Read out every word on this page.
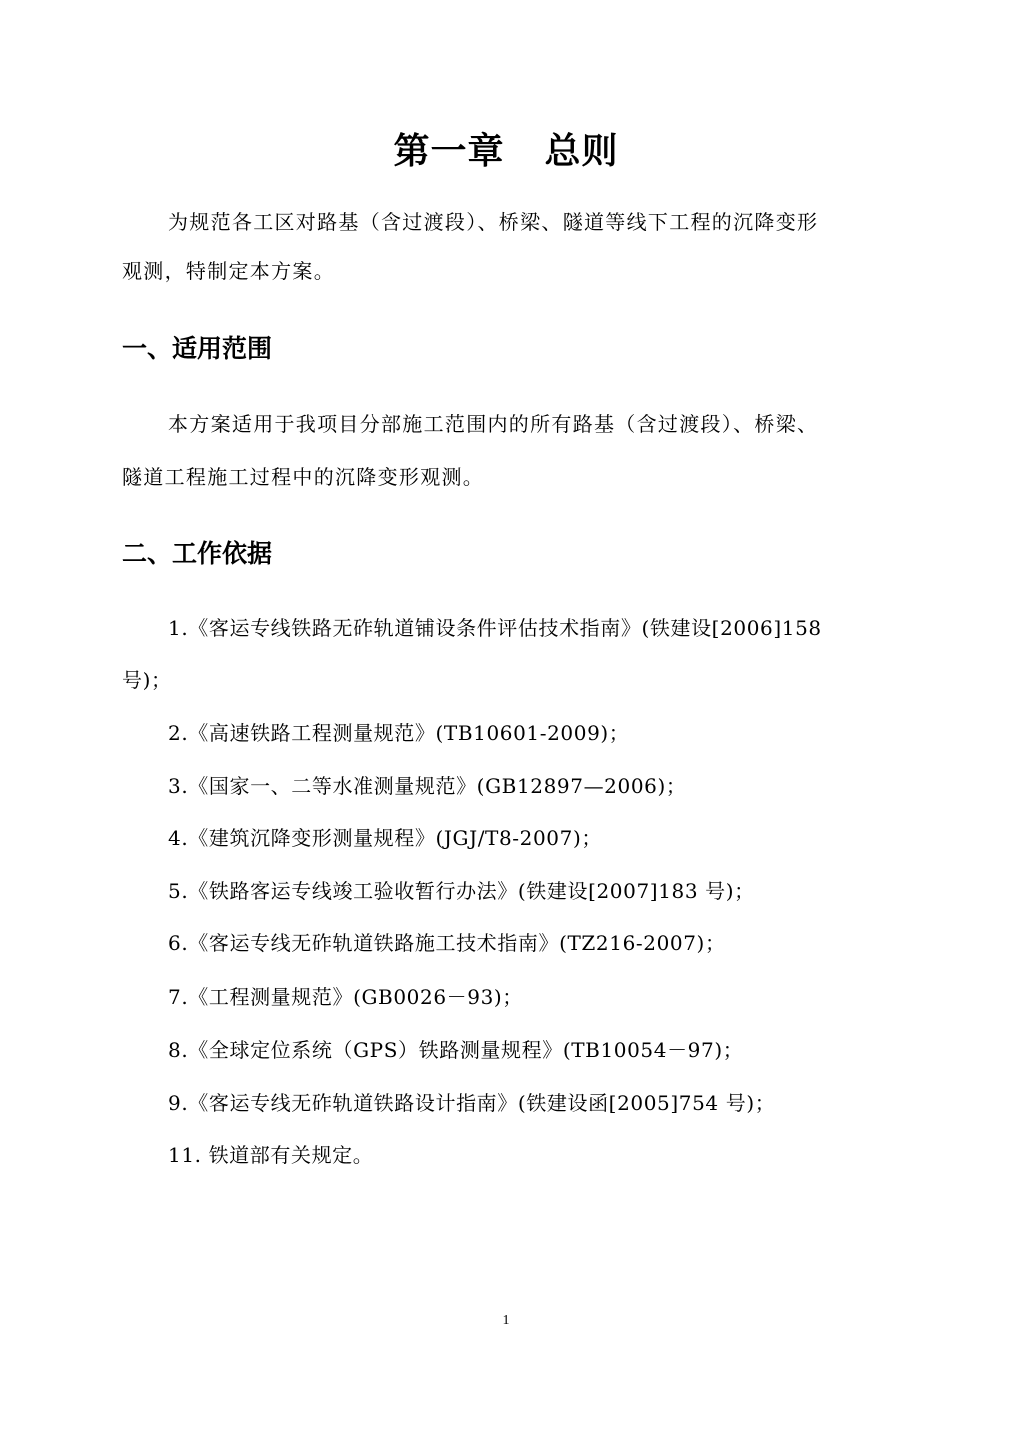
第一章 总则
为规范各工区对路基（含过渡段）、桥梁、隧道等线下工程的沉降变形
观测，特制定本方案。
一、适用范围
本方案适用于我项目分部施工范围内的所有路基（含过渡段）、桥梁、
隧道工程施工过程中的沉降变形观测。
二、工作依据
1.《客运专线铁路无砟轨道铺设条件评估技术指南》(铁建设[2006]158
号)；
2.《高速铁路工程测量规范》(TB10601-2009)；
3.《国家一、二等水准测量规范》(GB12897—2006)；
4.《建筑沉降变形测量规程》(JGJ/T8-2007)；
5.《铁路客运专线竣工验收暂行办法》(铁建设[2007]183 号)；
6.《客运专线无砟轨道铁路施工技术指南》(TZ216-2007)；
7.《工程测量规范》(GB0026－93)；
8.《全球定位系统（GPS）铁路测量规程》(TB10054－97)；
9.《客运专线无砟轨道铁路设计指南》(铁建设函[2005]754 号)；
11. 铁道部有关规定。
1
